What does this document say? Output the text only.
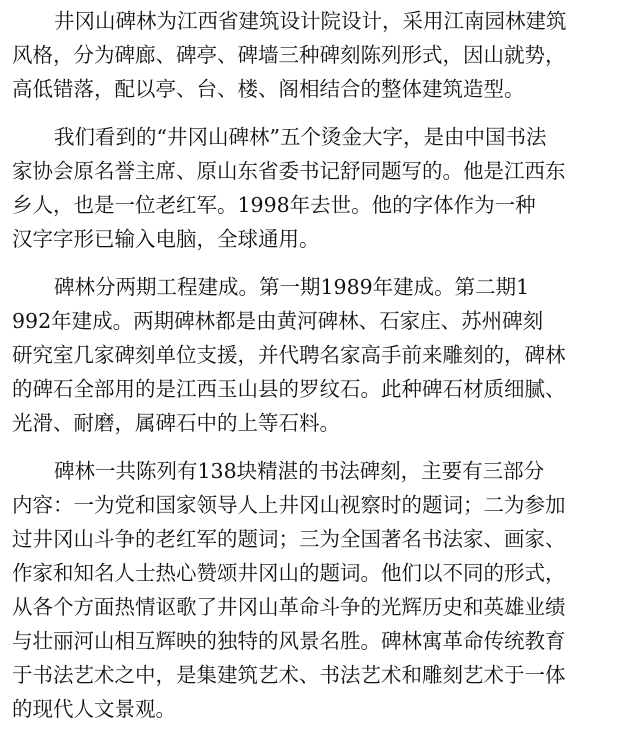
井冈山碑林为江西省建筑设计院设计，采用江南园林建筑
风格，分为碑廊、碑亭、碑墙三种碑刻陈列形式，因山就势，
高低错落，配以亭、台、楼、阁相结合的整体建筑造型。
我们看到的“井冈山碑林”五个烫金大字，是由中国书法
家协会原名誉主席、原山东省委书记舒同题写的。他是江西东
乡人，也是一位老红军。1998年去世。他的字体作为一种
汉字字形已输入电脑，全球通用。
碑林分两期工程建成。第一期1989年建成。第二期1
992年建成。两期碑林都是由黄河碑林、石家庄、苏州碑刻
研究室几家碑刻单位支援，并代聘名家高手前来雕刻的，碑林
的碑石全部用的是江西玉山县的罗纹石。此种碑石材质细腻、
光滑、耐磨，属碑石中的上等石料。
碑林一共陈列有138块精湛的书法碑刻，主要有三部分
内容：一为党和国家领导人上井冈山视察时的题词；二为参加
过井冈山斗争的老红军的题词；三为全国著名书法家、画家、
作家和知名人士热心赞颂井冈山的题词。他们以不同的形式，
从各个方面热情讴歌了井冈山革命斗争的光辉历史和英雄业绩
与壮丽河山相互辉映的独特的风景名胜。碑林寓革命传统教育
于书法艺术之中，是集建筑艺术、书法艺术和雕刻艺术于一体
的现代人文景观。
